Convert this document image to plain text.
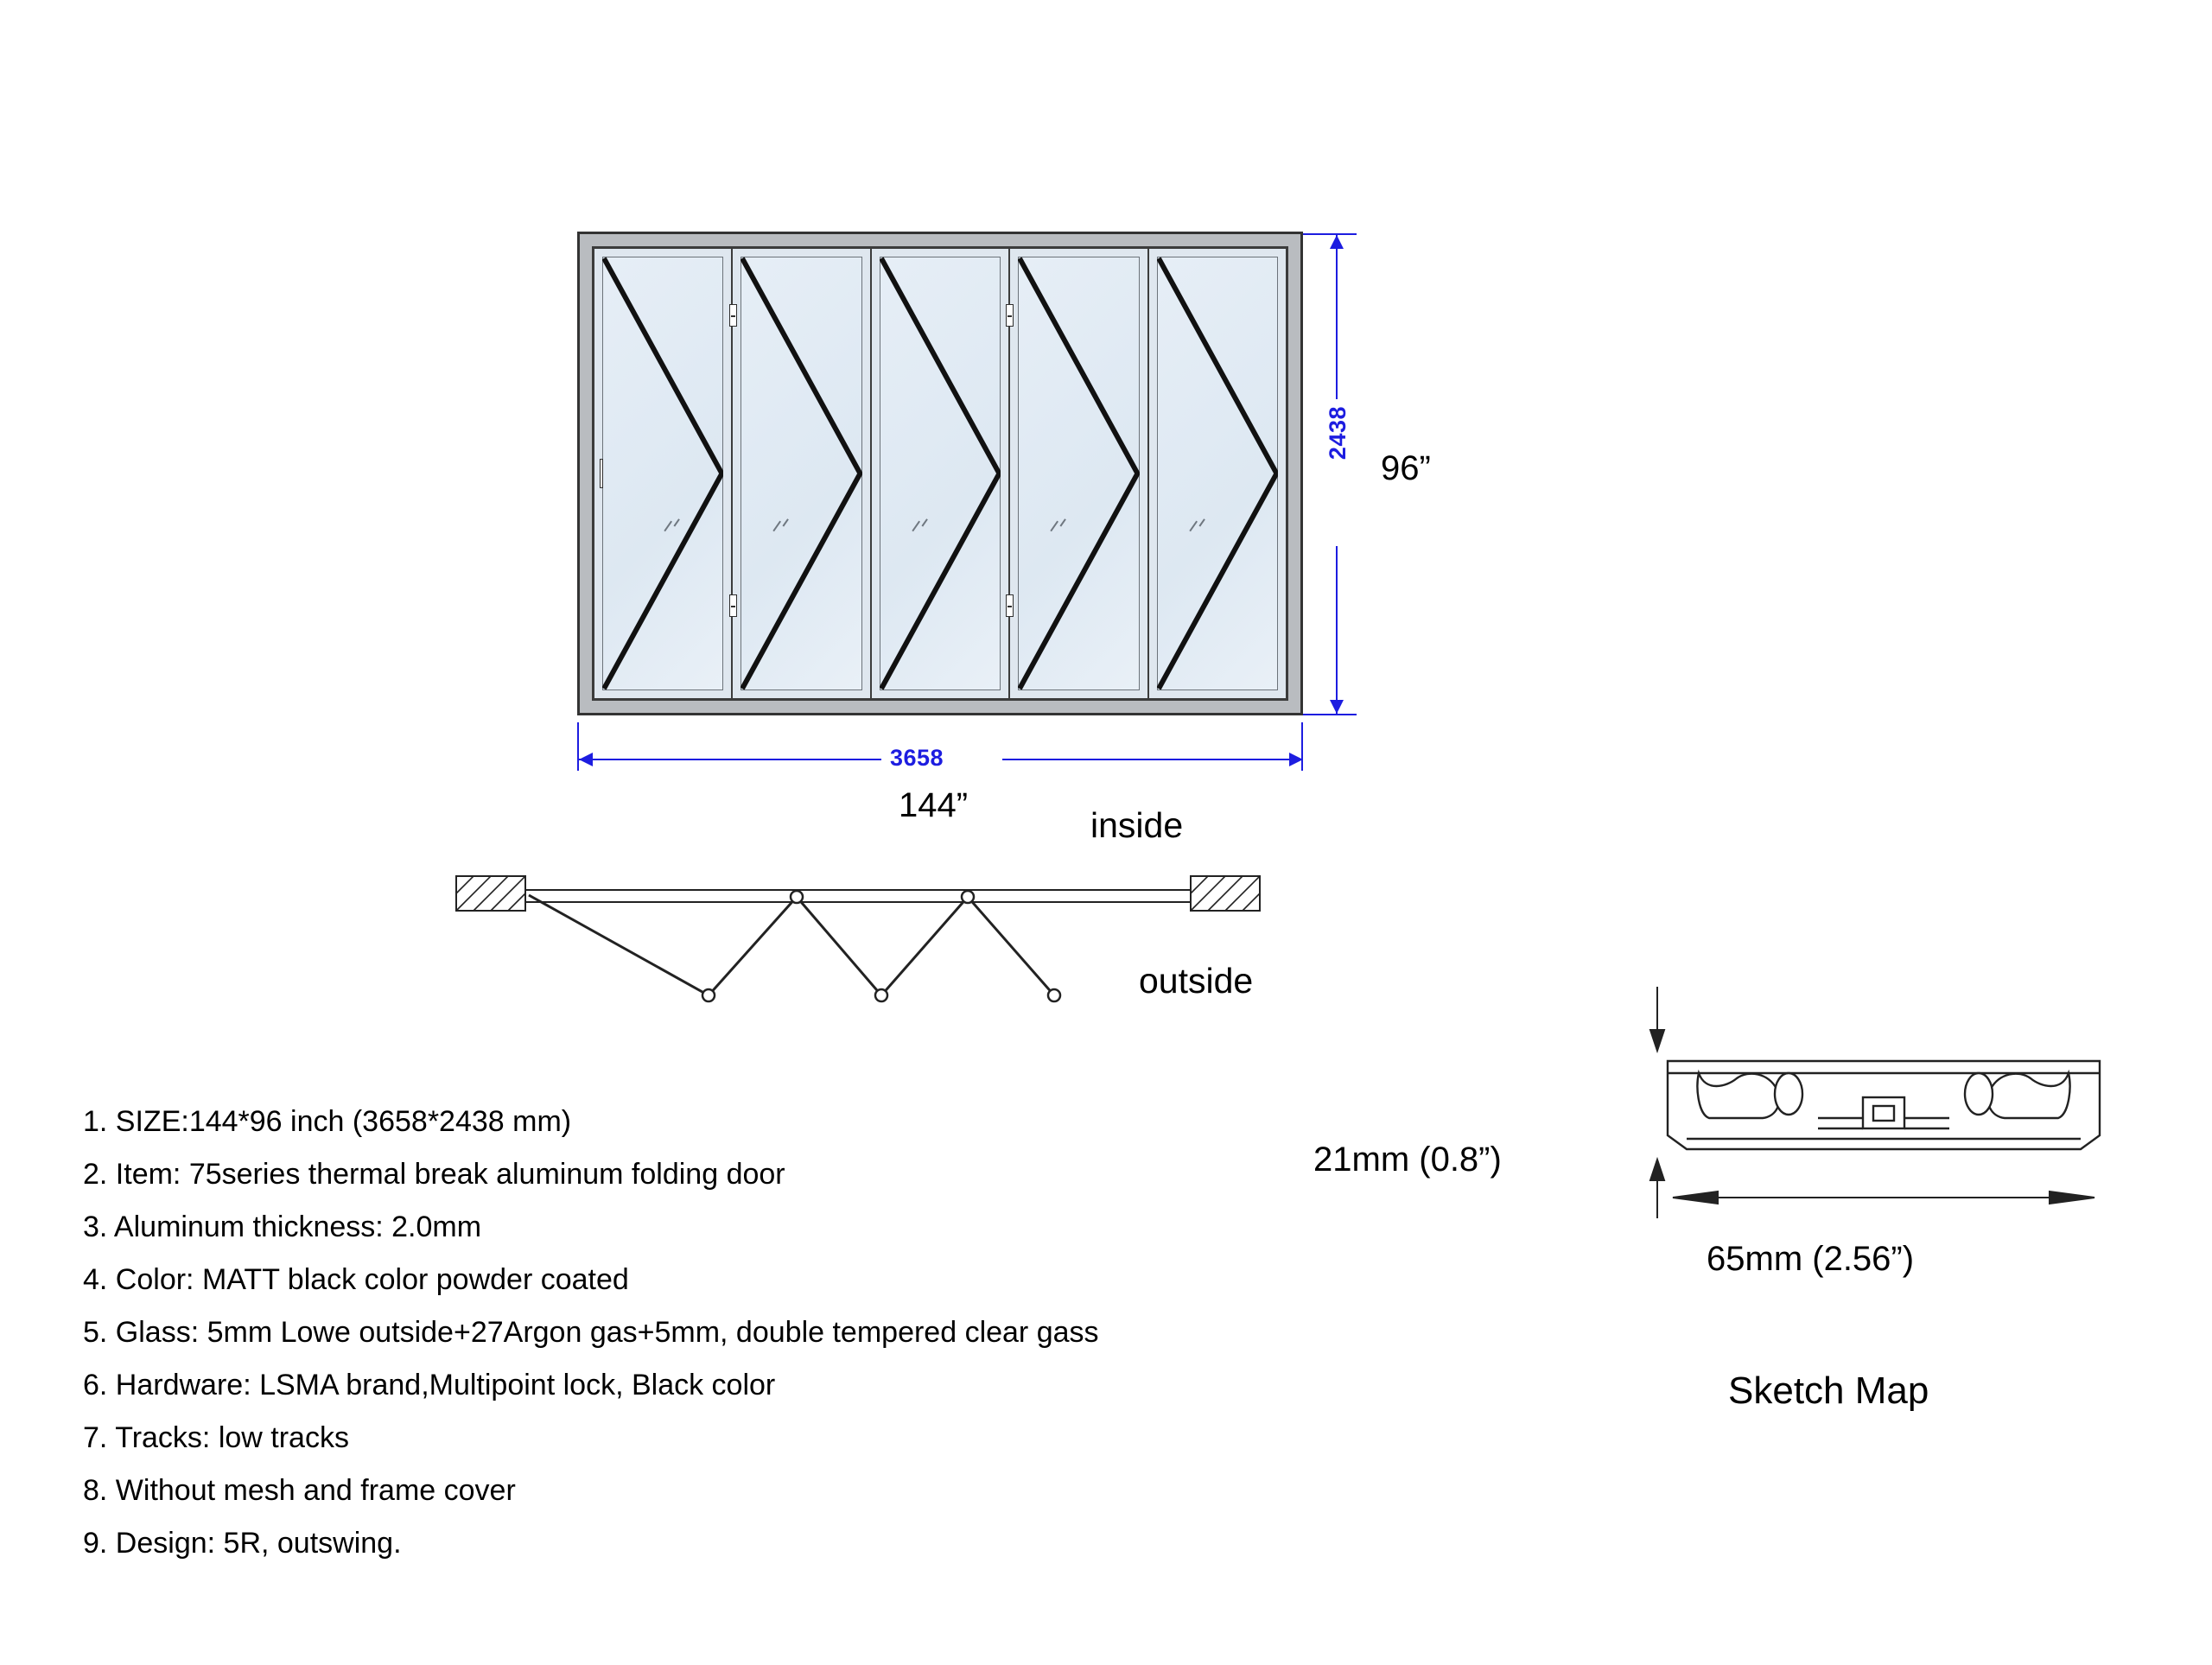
2438
96”
3658
144”	inside
outside
1. SIZE:144*96 inch (3658*2438 mm)
2. Item: 75series thermal break aluminum folding door
3. Aluminum thickness: 2.0mm
4. Color: MATT black color powder coated
5. Glass: 5mm Lowe outside+27Argon gas+5mm, double tempered clear gass
6. Hardware: LSMA brand,Multipoint lock, Black color
7. Tracks: low tracks
8. Without mesh and frame cover
9. Design: 5R, outswing.
21mm (0.8”)
65mm (2.56”)
Sketch Map
